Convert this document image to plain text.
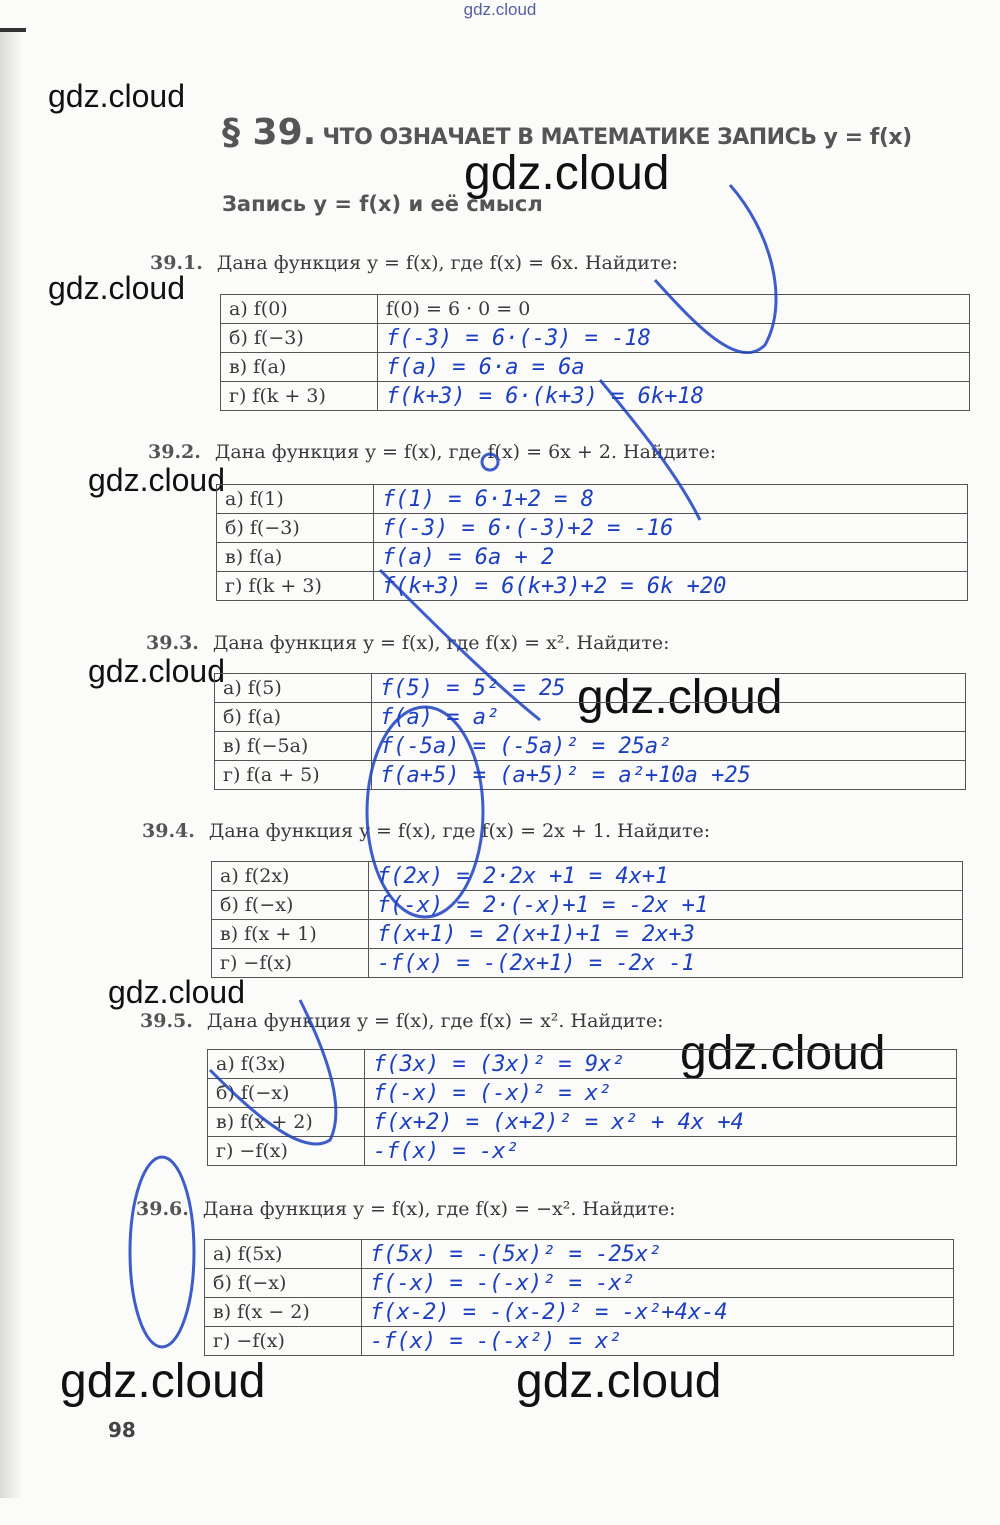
gdz.cloud
gdz.cloud
gdz.cloud
gdz.cloud
gdz.cloud
gdz.cloud	gdz.cloud
gdz.cloud
gdz.cloud
gdz.cloud	gdz.cloud
§ 39. ЧТО ОЗНАЧАЕТ В МАТЕМАТИКЕ ЗАПИСЬ y = f(x)
Запись y = f(x) и её смысл
39.1. Дана функция y = f(x), где f(x) = 6x. Найдите:
а) f(0)	f(0) = 6 · 0 = 0
б) f(−3)	f(-3) = 6·(-3) = -18
в) f(a)	f(a) = 6·a = 6a
г) f(k + 3)	f(k+3) = 6·(k+3) = 6k+18
39.2. Дана функция y = f(x), где f(x) = 6x + 2. Найдите:
а) f(1)	f(1) = 6·1+2 = 8
б) f(−3)	f(-3) = 6·(-3)+2 = -16
в) f(a)	f(a) = 6a + 2
г) f(k + 3)	f(k+3) = 6(k+3)+2 = 6k +20
39.3. Дана функция y = f(x), где f(x) = x². Найдите:
а) f(5)	f(5) = 5² = 25
б) f(a)	f(a) = a²
в) f(−5a)	f(-5a) = (-5a)² = 25a²
г) f(a + 5)	f(a+5) = (a+5)² = a²+10a +25
39.4. Дана функция y = f(x), где f(x) = 2x + 1. Найдите:
а) f(2x)	f(2x) = 2·2x +1 = 4x+1
б) f(−x)	f(-x) = 2·(-x)+1 = -2x +1
в) f(x + 1)	f(x+1) = 2(x+1)+1 = 2x+3
г) −f(x)	-f(x) = -(2x+1) = -2x -1
39.5. Дана функция y = f(x), где f(x) = x². Найдите:
а) f(3x)	f(3x) = (3x)² = 9x²
б) f(−x)	f(-x) = (-x)² = x²
в) f(x + 2)	f(x+2) = (x+2)² = x² + 4x +4
г) −f(x)	-f(x) = -x²
39.6. Дана функция y = f(x), где f(x) = −x². Найдите:
а) f(5x)	f(5x) = -(5x)² = -25x²
б) f(−x)	f(-x) = -(-x)² = -x²
в) f(x − 2)	f(x-2) = -(x-2)² = -x²+4x-4
г) −f(x)	-f(x) = -(-x²) = x²
98
